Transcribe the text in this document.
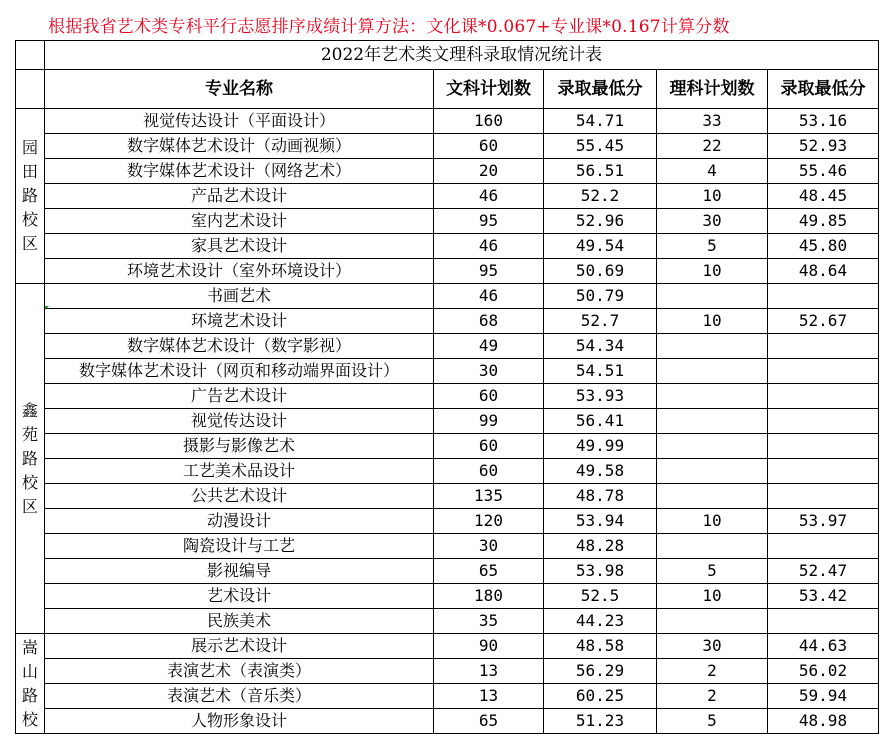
根据我省艺术类专科平行志愿排序成绩计算方法：文化课*0.067+专业课*0.167计算分数
	2022年艺术类文理科录取情况统计表				
	专业名称	文科计划数	录取最低分	理科计划数	录取最低分

园
田
路
校
区	视觉传达设计（平面设计）	160	54.71	33	53.16
	数字媒体艺术设计（动画视频）	60	55.45	22	52.93
	数字媒体艺术设计（网络艺术）	20	56.51	4	55.46
	产品艺术设计	46	52.2	10	48.45
	室内艺术设计	95	52.96	30	49.85
	家具艺术设计	46	49.54	5	45.80
	环境艺术设计（室外环境设计）	95	50.69	10	48.64

鑫
苑
路
校
区	书画艺术	46	50.79		
	环境艺术设计	68	52.7	10	52.67
	数字媒体艺术设计（数字影视）	49	54.34		
	数字媒体艺术设计（网页和移动端界面设计）	30	54.51		
	广告艺术设计	60	53.93		
	视觉传达设计	99	56.41		
	摄影与影像艺术	60	49.99		
	工艺美术品设计	60	49.58		
	公共艺术设计	135	48.78		
	动漫设计	120	53.94	10	53.97
	陶瓷设计与工艺	30	48.28		
	影视编导	65	53.98	5	52.47
	艺术设计	180	52.5	10	53.42
	民族美术	35	44.23		

嵩
山
路
校	展示艺术设计	90	48.58	30	44.63
	表演艺术（表演类）	13	56.29	2	56.02
	表演艺术（音乐类）	13	60.25	2	59.94
	人物形象设计	65	51.23	5	48.98
